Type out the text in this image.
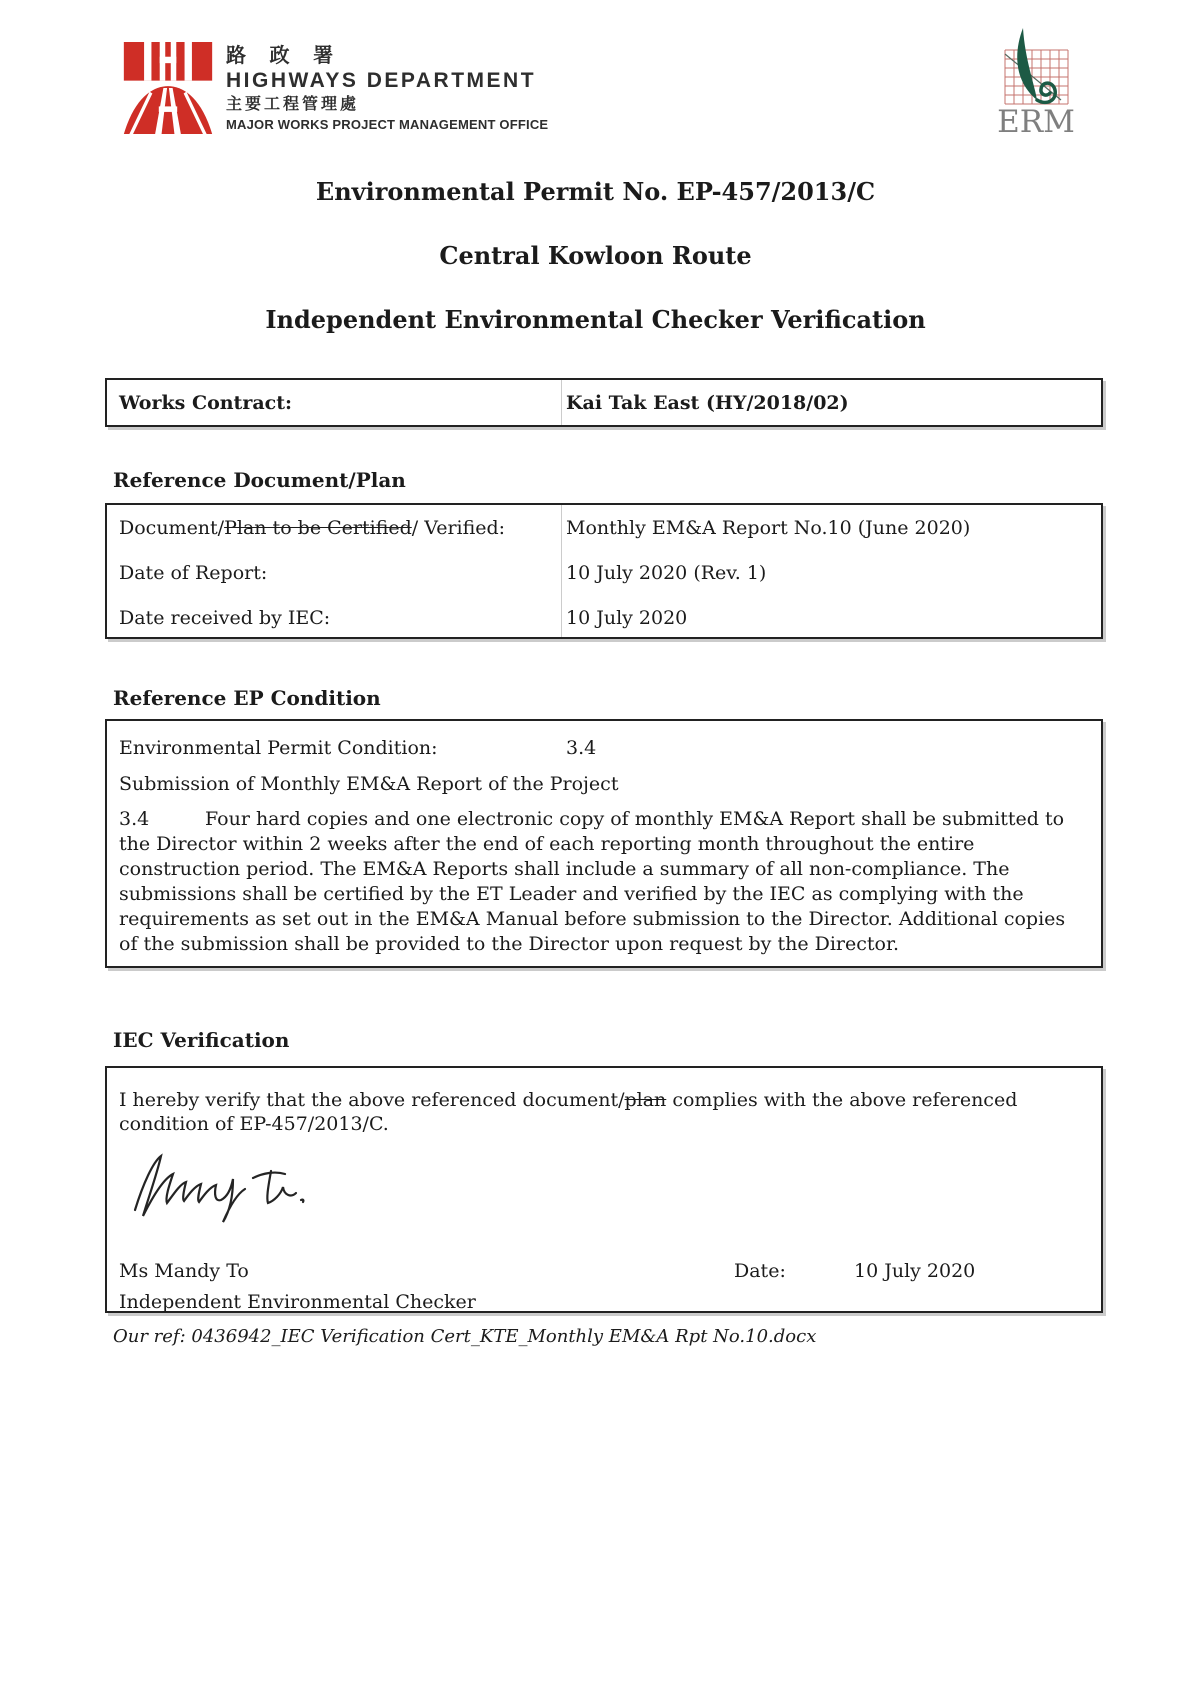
路 政 署
HIGHWAYS DEPARTMENT
主要工程管理處
MAJOR WORKS PROJECT MANAGEMENT OFFICE	ERM
Environmental Permit No. EP-457/2013/C
Central Kowloon Route
Independent Environmental Checker Verification
Works Contract:	Kai Tak East (HY/2018/02)
Reference Document/Plan
Document/Plan to be Certified/ Verified:	Monthly EM&A Report No.10 (June 2020)
Date of Report:	10 July 2020 (Rev. 1)
Date received by IEC:	10 July 2020
Reference EP Condition
Environmental Permit Condition:	3.4
Submission of Monthly EM&A Report of the Project
3.4	Four hard copies and one electronic copy of monthly EM&A Report shall be submitted to the Director within 2 weeks after the end of each reporting month throughout the entire construction period. The EM&A Reports shall include a summary of all non-compliance. The submissions shall be certified by the ET Leader and verified by the IEC as complying with the requirements as set out in the EM&A Manual before submission to the Director. Additional copies of the submission shall be provided to the Director upon request by the Director.
IEC Verification
I hereby verify that the above referenced document/plan complies with the above referenced condition of EP-457/2013/C.
Ms Mandy To	Date:	10 July 2020
Independent Environmental Checker
Our ref: 0436942_IEC Verification Cert_KTE_Monthly EM&A Rpt No.10.docx
